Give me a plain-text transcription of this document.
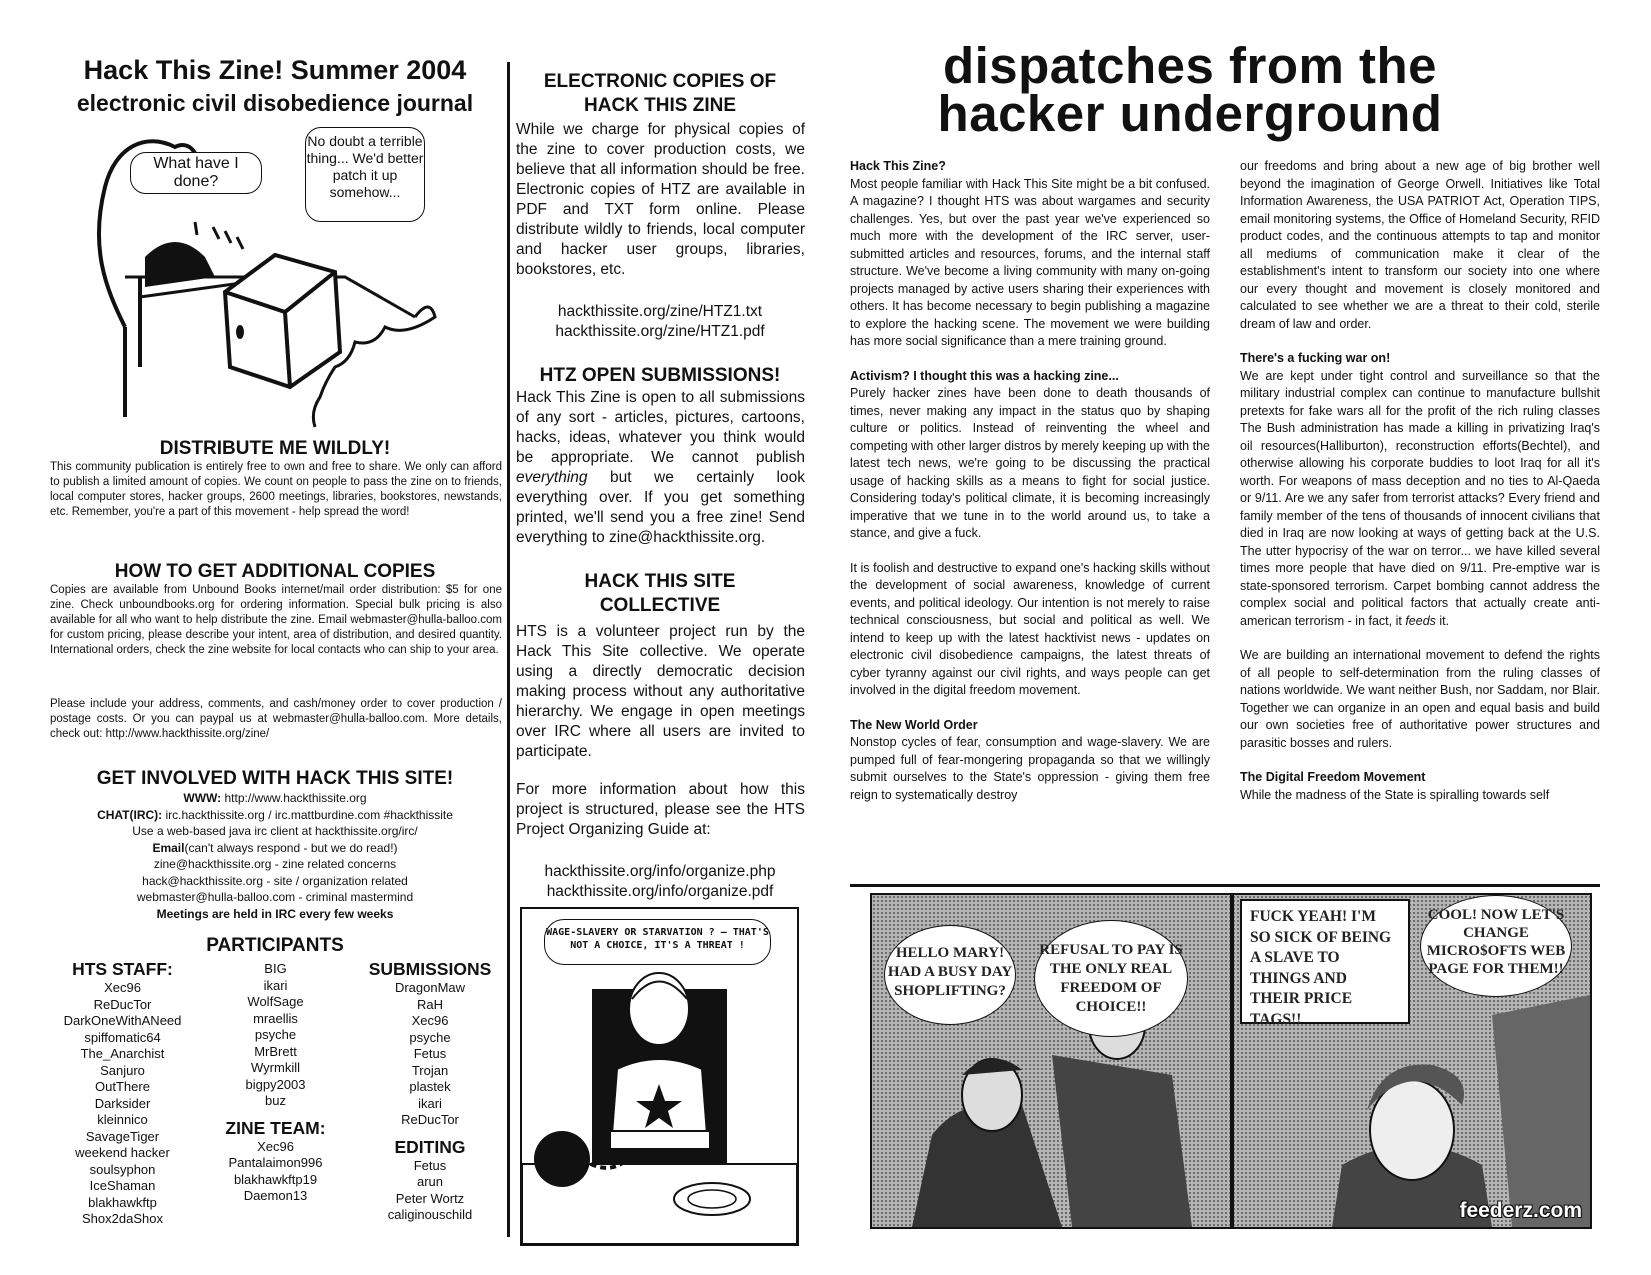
Hack This Zine! Summer 2004
electronic civil disobedience journal
What have I done?
No doubt a terrible thing... We'd better patch it up somehow...
DISTRIBUTE ME WILDLY!
This community publication is entirely free to own and free to share. We only can afford to publish a limited amount of copies. We count on people to pass the zine on to friends, local computer stores, hacker groups, 2600 meetings, libraries, bookstores, newstands, etc. Remember, you're a part of this movement - help spread the word!
HOW TO GET ADDITIONAL COPIES
Copies are available from Unbound Books internet/mail order distribution: $5 for one zine. Check unboundbooks.org for ordering information. Special bulk pricing is also available for all who want to help distribute the zine. Email webmaster@hulla-balloo.com for custom pricing, please describe your intent, area of distribution, and desired quantity. International orders, check the zine website for local contacts who can ship to your area.
Please include your address, comments, and cash/money order to cover production / postage costs. Or you can paypal us at webmaster@hulla-balloo.com. More details, check out: http://www.hackthissite.org/zine/
GET INVOLVED WITH HACK THIS SITE!
WWW: http://www.hackthissite.org
CHAT(IRC): irc.hackthissite.org / irc.mattburdine.com #hackthissite
Use a web-based java irc client at hackthissite.org/irc/
Email(can't always respond - but we do read!)
zine@hackthissite.org - zine related concerns
hack@hackthissite.org - site / organization related
webmaster@hulla-balloo.com - criminal mastermind
Meetings are held in IRC every few weeks
PARTICIPANTS
HTS STAFF:
Xec96
ReDucTor
DarkOneWithANeed
spiffomatic64
The_Anarchist
Sanjuro
OutThere
Darksider
kleinnico
SavageTiger
weekend hacker
soulsyphon
IceShaman
blakhawkftp
Shox2daShox
BIG
ikari
WolfSage
mraellis
psyche
MrBrett
Wyrmkill
bigpy2003
buz
ZINE TEAM:
Xec96
Pantalaimon996
blakhawkftp19
Daemon13
SUBMISSIONS
DragonMaw
RaH
Xec96
psyche
Fetus
Trojan
plastek
ikari
ReDucTor
EDITING
Fetus
arun
Peter Wortz
caliginouschild
ELECTRONIC COPIES OF HACK THIS ZINE
While we charge for physical copies of the zine to cover production costs, we believe that all information should be free. Electronic copies of HTZ are available in PDF and TXT form online. Please distribute wildly to friends, local computer and hacker user groups, libraries, bookstores, etc.
hackthissite.org/zine/HTZ1.txt
hackthissite.org/zine/HTZ1.pdf
HTZ OPEN SUBMISSIONS!
Hack This Zine is open to all submissions of any sort - articles, pictures, cartoons, hacks, ideas, whatever you think would be appropriate. We cannot publish everything but we certainly look everything over. If you get something printed, we'll send you a free zine! Send everything to zine@hackthissite.org.
HACK THIS SITE COLLECTIVE
HTS is a volunteer project run by the Hack This Site collective. We operate using a directly democratic decision making process without any authoritative hierarchy. We engage in open meetings over IRC where all users are invited to participate.
For more information about how this project is structured, please see the HTS Project Organizing Guide at:
hackthissite.org/info/organize.php
hackthissite.org/info/organize.pdf
WAGE-SLAVERY OR STARVATION ? — THAT'S NOT A CHOICE, IT'S A THREAT !
dispatches from the
hacker underground
Hack This Zine?

Most people familiar with Hack This Site might be a bit confused. A magazine? I thought HTS was about wargames and security challenges. Yes, but over the past year we've experienced so much more with the development of the IRC server, user-submitted articles and resources, forums, and the internal staff structure. We've become a living community with many on-going projects managed by active users sharing their experiences with others. It has become necessary to begin publishing a magazine to explore the hacking scene. The movement we were building has more social significance than a mere training ground.

Activism? I thought this was a hacking zine...

Purely hacker zines have been done to death thousands of times, never making any impact in the status quo by shaping culture or politics. Instead of reinventing the wheel and competing with other larger distros by merely keeping up with the latest tech news, we're going to be discussing the practical usage of hacking skills as a means to fight for social justice. Considering today's political climate, it is becoming increasingly imperative that we tune in to the world around us, to take a stance, and give a fuck.

It is foolish and destructive to expand one's hacking skills without the development of social awareness, knowledge of current events, and political ideology. Our intention is not merely to raise technical consciousness, but social and political as well. We intend to keep up with the latest hacktivist news - updates on electronic civil disobedience campaigns, the latest threats of cyber tyranny against our civil rights, and ways people can get involved in the digital freedom movement.

The New World Order

Nonstop cycles of fear, consumption and wage-slavery. We are pumped full of fear-mongering propaganda so that we willingly submit ourselves to the State's oppression - giving them free reign to systematically destroy

our freedoms and bring about a new age of big brother well beyond the imagination of George Orwell. Initiatives like Total Information Awareness, the USA PATRIOT Act, Operation TIPS, email monitoring systems, the Office of Homeland Security, RFID product codes, and the continuous attempts to tap and monitor all mediums of communication make it clear of the establishment's intent to transform our society into one where our every thought and movement is closely monitored and calculated to see whether we are a threat to their cold, sterile dream of law and order.

There's a fucking war on!

We are kept under tight control and surveillance so that the military industrial complex can continue to manufacture bullshit pretexts for fake wars all for the profit of the rich ruling classes The Bush administration has made a killing in privatizing Iraq's oil resources(Halliburton), reconstruction efforts(Bechtel), and otherwise allowing his corporate buddies to loot Iraq for all it's worth. For weapons of mass deception and no ties to Al-Qaeda or 9/11. Are we any safer from terrorist attacks? Every friend and family member of the tens of thousands of innocent civilians that died in Iraq are now looking at ways of getting back at the U.S. The utter hypocrisy of the war on terror... we have killed several times more people that have died on 9/11. Pre-emptive war is state-sponsored terrorism. Carpet bombing cannot address the complex social and political factors that actually create anti-american terrorism - in fact, it feeds it.

We are building an international movement to defend the rights of all people to self-determination from the ruling classes of nations worldwide. We want neither Bush, nor Saddam, nor Blair. Together we can organize in an open and equal basis and build our own societies free of authoritative power structures and parasitic bosses and rulers.

The Digital Freedom Movement

While the madness of the State is spiralling towards self

HELLO MARY! HAD A BUSY DAY SHOPLIFTING?
REFUSAL TO PAY IS THE ONLY REAL FREEDOM OF CHOICE!!
FUCK YEAH! I'M SO SICK OF BEING A SLAVE TO THINGS AND THEIR PRICE TAGS!!
COOL! NOW LET'S CHANGE MICRO$OFTS WEB PAGE FOR THEM!!
feederz.com
